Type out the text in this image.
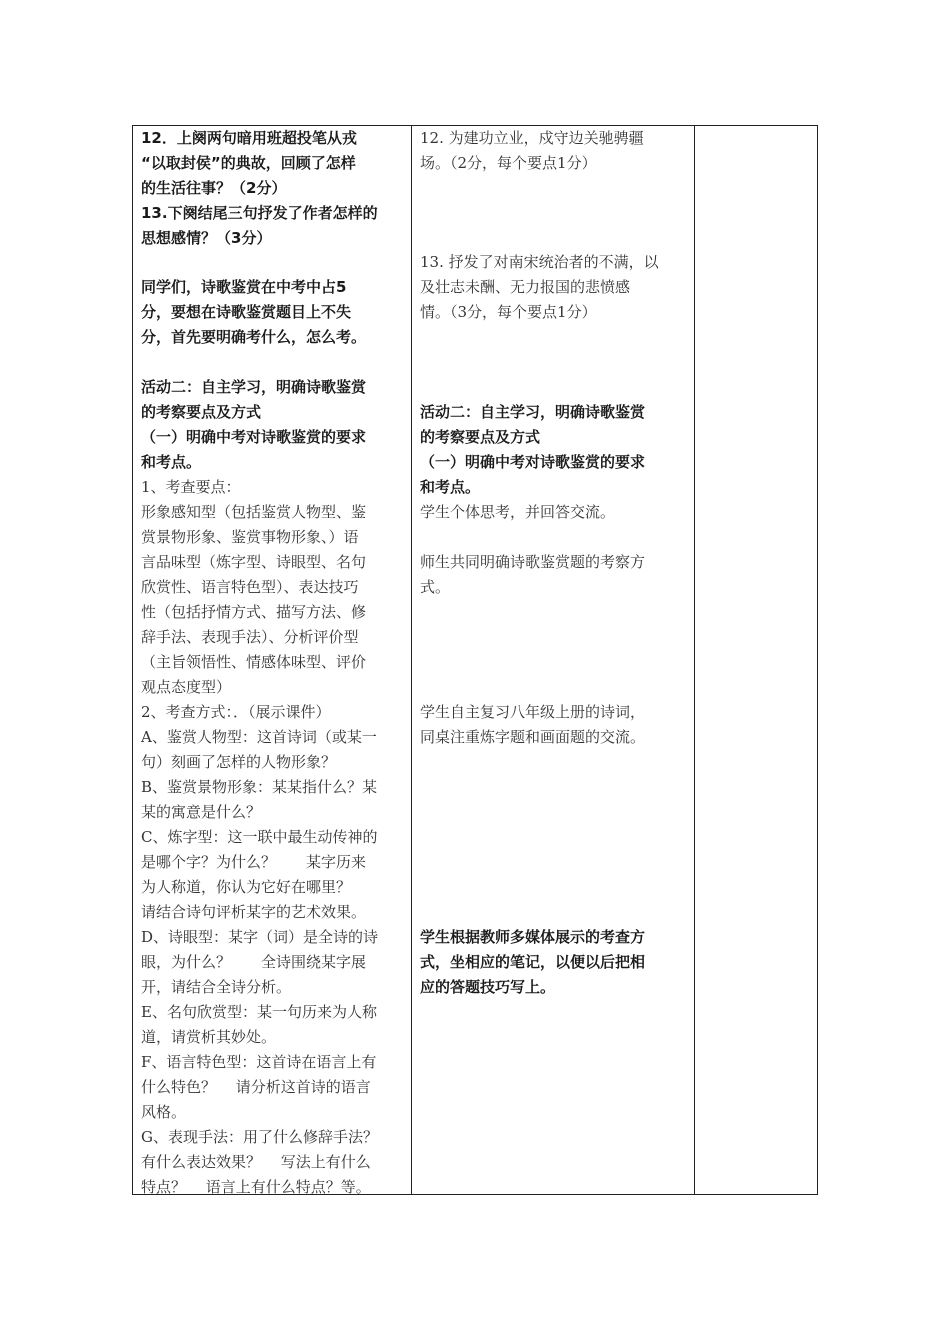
12．上阕两句暗用班超投笔从戎
“以取封侯”的典故，回顾了怎样
的生活往事？（2分）
13.下阕结尾三句抒发了作者怎样的
思想感情？（3分）
同学们，诗歌鉴赏在中考中占5
分，要想在诗歌鉴赏题目上不失
分，首先要明确考什么，怎么考。
活动二：自主学习，明确诗歌鉴赏
的考察要点及方式
（一）明确中考对诗歌鉴赏的要求
和考点。
1、考查要点：
形象感知型（包括鉴赏人物型、鉴
赏景物形象、鉴赏事物形象、）语
言品味型（炼字型、诗眼型、名句
欣赏性、语言特色型）、表达技巧
性（包括抒情方式、描写方法、修
辞手法、表现手法）、分析评价型
（主旨领悟性、情感体味型、评价
观点态度型）
2、考查方式：．（展示课件）
A、鉴赏人物型：这首诗词（或某一
句）刻画了怎样的人物形象？
B、鉴赏景物形象：某某指什么？某
某的寓意是什么？
C、炼字型：这一联中最生动传神的
是哪个字？为什么？　　某字历来
为人称道，你认为它好在哪里？
请结合诗句评析某字的艺术效果。
D、诗眼型：某字（词）是全诗的诗
眼，为什么？　　全诗围绕某字展
开，请结合全诗分析。
E、名句欣赏型：某一句历来为人称
道，请赏析其妙处。
F、语言特色型：这首诗在语言上有
什么特色？　 请分析这首诗的语言
风格。
G、表现手法：用了什么修辞手法？
有什么表达效果？　 写法上有什么
特点？　 语言上有什么特点？等。
12. 为建功立业，戍守边关驰骋疆
场。（2分，每个要点1分）
13. 抒发了对南宋统治者的不满，以
及壮志未酬、无力报国的悲愤感
情。（3分，每个要点1分）
活动二：自主学习，明确诗歌鉴赏
的考察要点及方式
（一）明确中考对诗歌鉴赏的要求
和考点。
学生个体思考，并回答交流。
师生共同明确诗歌鉴赏题的考察方
式。
学生自主复习八年级上册的诗词，
同桌注重炼字题和画面题的交流。
学生根据教师多媒体展示的考查方
式，坐相应的笔记，以便以后把相
应的答题技巧写上。
